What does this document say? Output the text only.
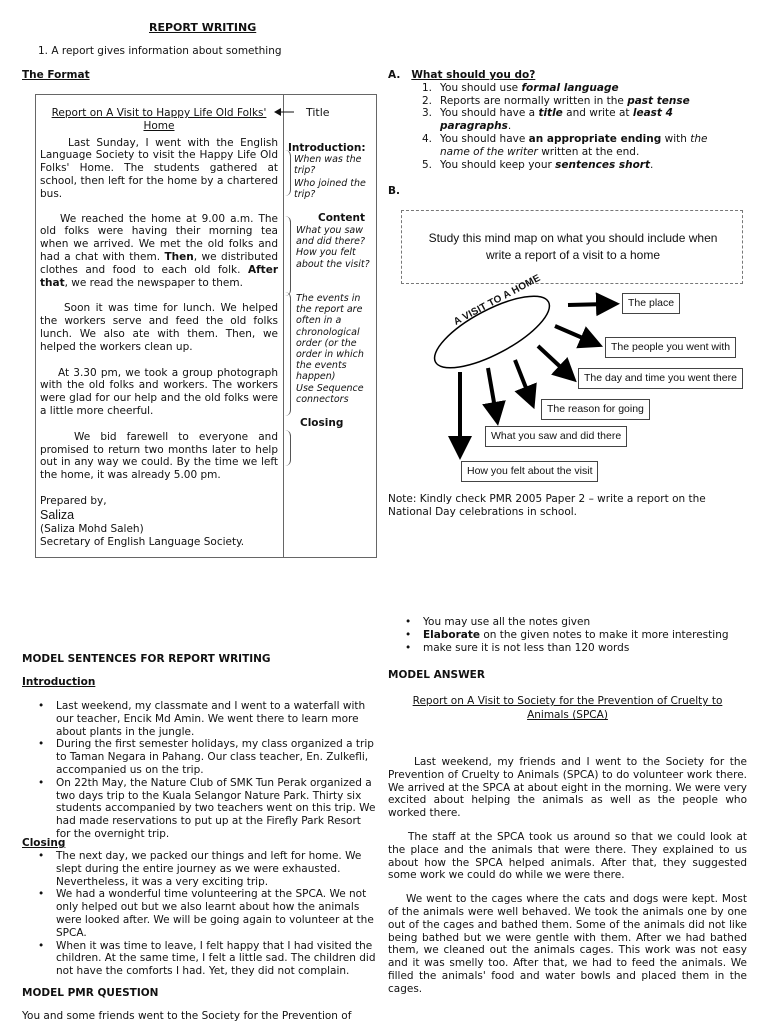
REPORT WRITING
1. A report gives information about something
The Format
Report on A Visit to Happy Life Old Folks'
Home

Last Sunday, I went with the English Language Society to visit the Happy Life Old Folks' Home. The students gathered at school, then left for the home by a chartered bus.

We reached the home at 9.00 a.m. The old folks were having their morning tea when we arrived. We met the old folks and had a chat with them. Then, we distributed clothes and food to each old folk. After that, we read the newspaper to them.

Soon it was time for lunch. We helped the workers serve and feed the old folks lunch. We also ate with them. Then, we helped the workers clean up.

At 3.30 pm, we took a group photograph with the old folks and workers. The workers were glad for our help and the old folks were a little more cheerful.

We bid farewell to everyone and promised to return two months later to help out in any way we could. By the time we left the home, it was already 5.00 pm.

Prepared by,

Saliza

(Saliza Mohd Saleh)

Secretary of English Language Society.

Title
Introduction:
When was the trip?
Who joined the trip?
Content
What you saw and did there? How you felt about the visit?
The events in the report are often in a chronological order (or the order in which the events happen)
Use Sequence connectors
Closing
A. What should you do?
1. You should use formal language
2. Reports are normally written in the past tense
3. You should have a title and write at least 4 paragraphs.
4. You should have an appropriate ending with the name of the writer written at the end.
5. You should keep your sentences short.
B.
Study this mind map on what you should include when write a report of a visit to a home
A VISIT TO A HOME	The place
The people you went with
The day and time you went there
The reason for going
What you saw and did there
How you felt about the visit
Note: Kindly check PMR 2005 Paper 2 – write a report on the National Day celebrations in school.
• You may use all the notes given
• Elaborate on the given notes to make it more interesting
• make sure it is not less than 120 words
MODEL ANSWER
Report on A Visit to Society for the Prevention of Cruelty to
Animals (SPCA)

Last weekend, my friends and I went to the Society for the Prevention of Cruelty to Animals (SPCA) to do volunteer work there. We arrived at the SPCA at about eight in the morning. We were very excited about helping the animals as well as the people who worked there.

The staff at the SPCA took us around so that we could look at the place and the animals that were there. They explained to us about how the SPCA helped animals. After that, they suggested some work we could do while we were there.

We went to the cages where the cats and dogs were kept. Most of the animals were well behaved. We took the animals one by one out of the cages and bathed them. Some of the animals did not like being bathed but we were gentle with them. After we had bathed them, we cleaned out the animals cages. This work was not easy and it was smelly too. After that, we had to feed the animals. We filled the animals' food and water bowls and placed them in the cages.

MODEL SENTENCES FOR REPORT WRITING
Introduction
• Last weekend, my classmate and I went to a waterfall with our teacher, Encik Md Amin. We went there to learn more about plants in the jungle.
• During the first semester holidays, my class organized a trip to Taman Negara in Pahang. Our class teacher, En. Zulkefli, accompanied us on the trip.
• On 22th May, the Nature Club of SMK Tun Perak organized a two days trip to the Kuala Selangor Nature Park. Thirty six students accompanied by two teachers went on this trip. We had made reservations to put up at the Firefly Park Resort for the overnight trip.
Closing
• The next day, we packed our things and left for home. We slept during the entire journey as we were exhausted. Nevertheless, it was a very exciting trip.
• We had a wonderful time volunteering at the SPCA. We not only helped out but we also learnt about how the animals were looked after. We will be going again to volunteer at the SPCA.
• When it was time to leave, I felt happy that I had visited the children. At the same time, I felt a little sad. The children did not have the comforts I had. Yet, they did not complain.
MODEL PMR QUESTION
You and some friends went to the Society for the Prevention of
